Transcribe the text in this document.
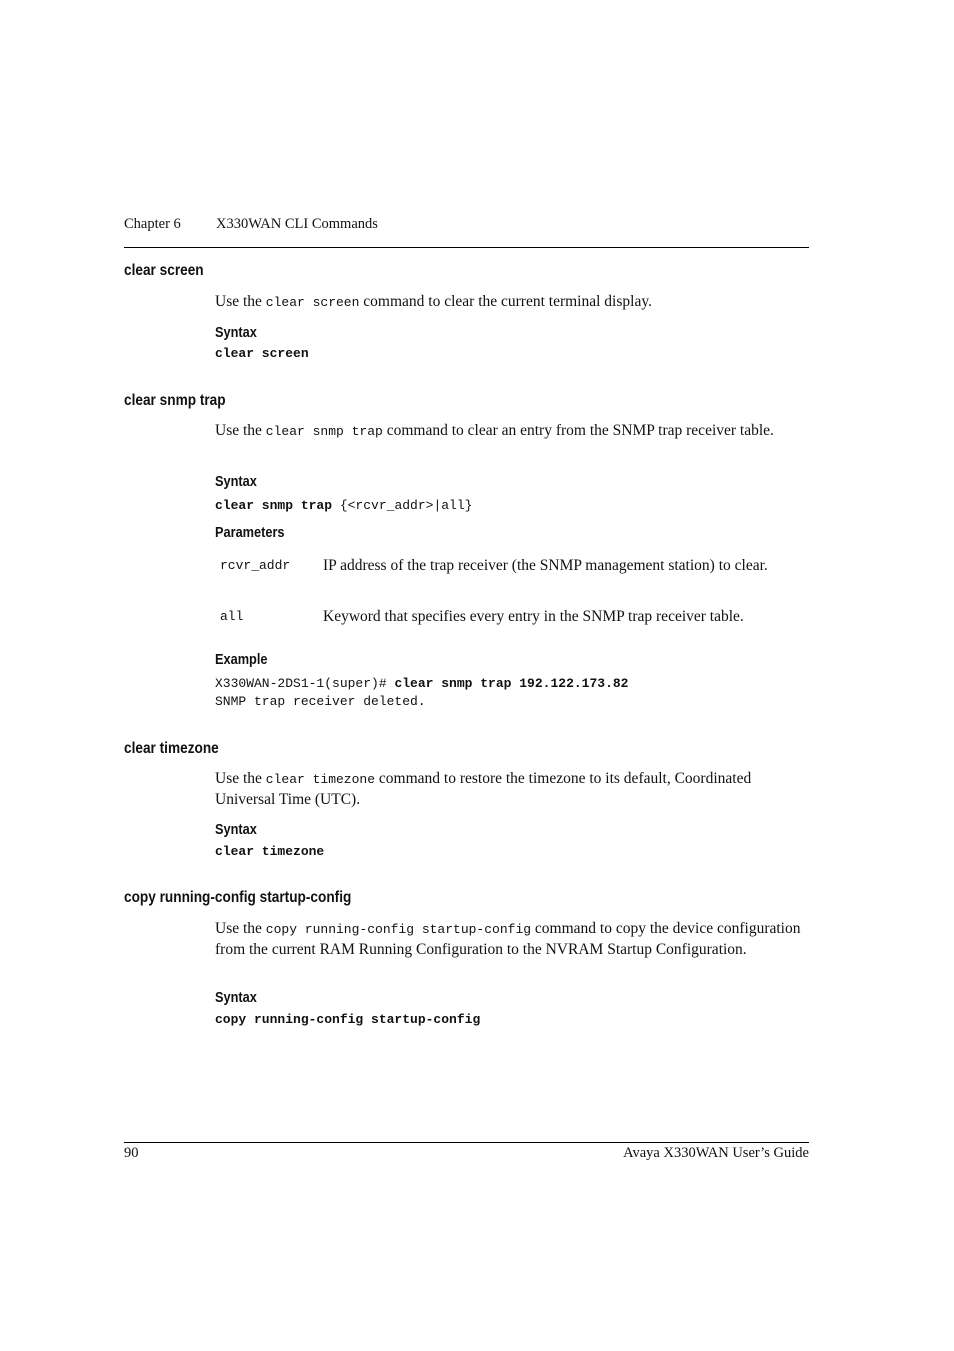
Chapter 6 X330WAN CLI Commands
clear screen
Use the clear screen command to clear the current terminal display.
Syntax
clear screen
clear snmp trap
Use the clear snmp trap command to clear an entry from the SNMP trap receiver table.
Syntax
clear snmp trap {<rcvr_addr>|all}
Parameters
rcvr_addr IP address of the trap receiver (the SNMP management station) to clear.
all	Keyword that specifies every entry in the SNMP trap receiver table.
Example
X330WAN-2DS1-1(super)# clear snmp trap 192.122.173.82
SNMP trap receiver deleted.
clear timezone
Use the clear timezone command to restore the timezone to its default, Coordinated Universal Time (UTC).
Syntax
clear timezone
copy running-config startup-config
Use the copy running-config startup-config command to copy the device configuration from the current RAM Running Configuration to the NVRAM Startup Configuration.
Syntax
copy running-config startup-config
90	Avaya X330WAN User’s Guide
